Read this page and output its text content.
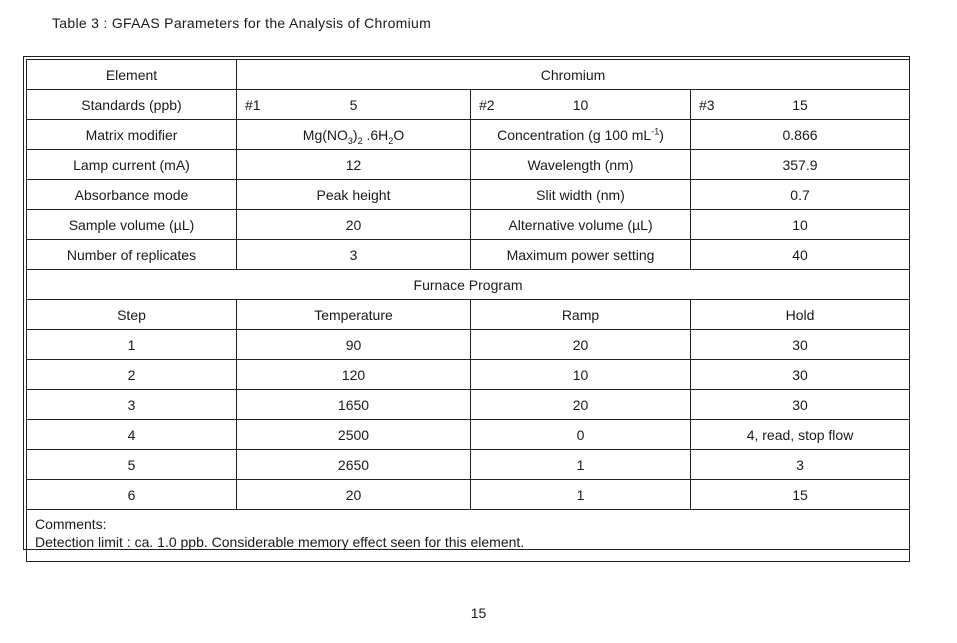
Table 3 : GFAAS Parameters for the Analysis of Chromium
Element	Chromium		
Standards (ppb)	#1 5	#2 10	#3 15

Matrix modifier	$Mg(NO_3)_2$ $.6H_2O$	Concentration (g 100 $mL^{-1}$)	0.866
Lamp current (mA)	12	Wavelength (nm)	357.9
Absorbance mode	Peak height	Slit width (nm)	0.7
Sample volume (µL)	20	Alternative volume (µL)	10
Number of replicates	3	Maximum power setting	40
Furnace Program			
Step	Temperature	Ramp	Hold
1	90	20	30
2	120	10	30
3	1650	20	30
4	2500	0	4, read, stop flow
5	2650	1	3
6	20	1	15

Comments:
Detection limit : ca. 1.0 ppb. Considerable memory effect seen for this element.			
15
